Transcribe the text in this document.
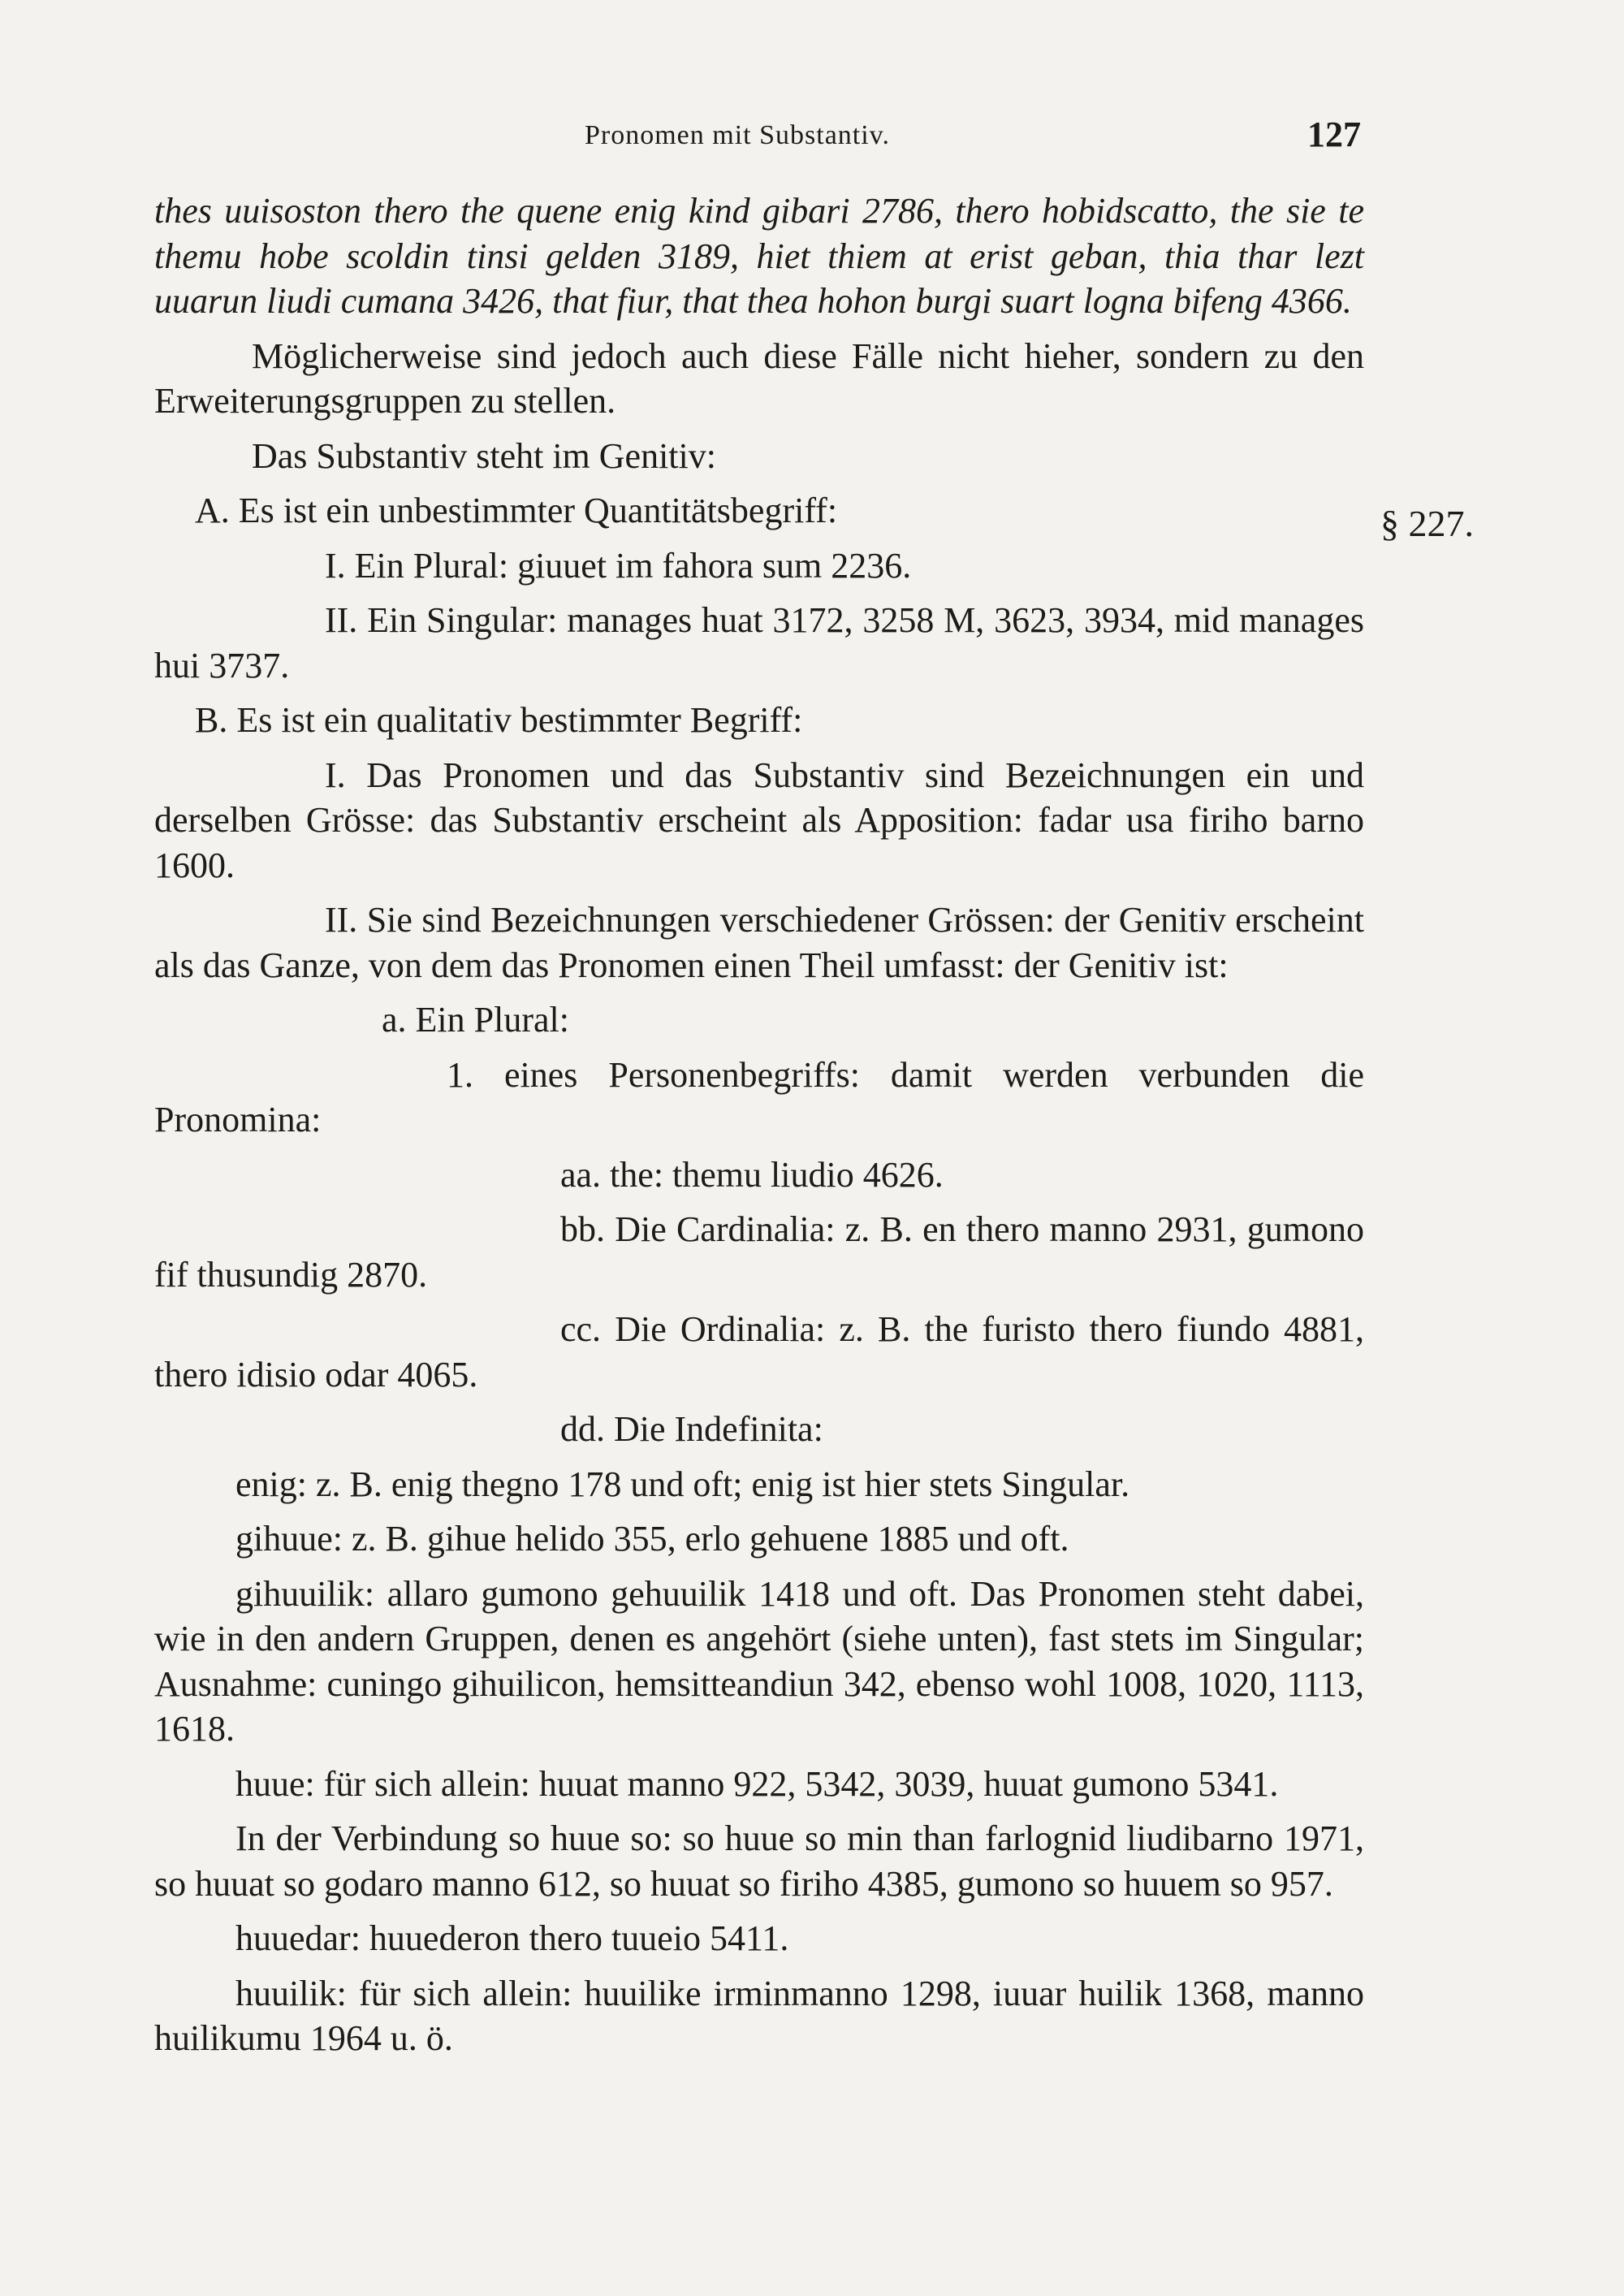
Pronomen mit Substantiv.	127
§ 227.

thes uuisoston thero the quene enig kind gibari 2786, thero hobidscatto, the sie te themu hobe scoldin tinsi gelden 3189, hiet thiem at erist geban, thia thar lezt uuarun liudi cumana 3426, that fiur, that thea hohon burgi suart logna bifeng 4366.

Möglicherweise sind jedoch auch diese Fälle nicht hieher, sondern zu den Erweiterungsgruppen zu stellen.

Das Substantiv steht im Genitiv:

A. Es ist ein unbestimmter Quantitätsbegriff:

I. Ein Plural: giuuet im fahora sum 2236.

II. Ein Singular: manages huat 3172, 3258 M, 3623, 3934, mid manages hui 3737.

B. Es ist ein qualitativ bestimmter Begriff:

I. Das Pronomen und das Substantiv sind Bezeichnungen ein und derselben Grösse: das Substantiv erscheint als Apposition: fadar usa firiho barno 1600.

II. Sie sind Bezeichnungen verschiedener Grössen: der Genitiv erscheint als das Ganze, von dem das Pronomen einen Theil umfasst: der Genitiv ist:

a. Ein Plural:

1. eines Personenbegriffs: damit werden verbunden die Pronomina:

aa. the: themu liudio 4626.

bb. Die Cardinalia: z. B. en thero manno 2931, gumono fif thusundig 2870.

cc. Die Ordinalia: z. B. the furisto thero fiundo 4881, thero idisio odar 4065.

dd. Die Indefinita:

enig: z. B. enig thegno 178 und oft; enig ist hier stets Singular.

gihuue: z. B. gihue helido 355, erlo gehuene 1885 und oft.

gihuuilik: allaro gumono gehuuilik 1418 und oft. Das Pronomen steht dabei, wie in den andern Gruppen, denen es angehört (siehe unten), fast stets im Singular; Ausnahme: cuningo gihuilicon, hemsitteandiun 342, ebenso wohl 1008, 1020, 1113, 1618.

huue: für sich allein: huuat manno 922, 5342, 3039, huuat gumono 5341.

In der Verbindung so huue so: so huue so min than farlognid liudibarno 1971, so huuat so godaro manno 612, so huuat so firiho 4385, gumono so huuem so 957.

huuedar: huuederon thero tuueio 5411.

huuilik: für sich allein: huuilike irminmanno 1298, iuuar huilik 1368, manno huilikumu 1964 u. ö.
